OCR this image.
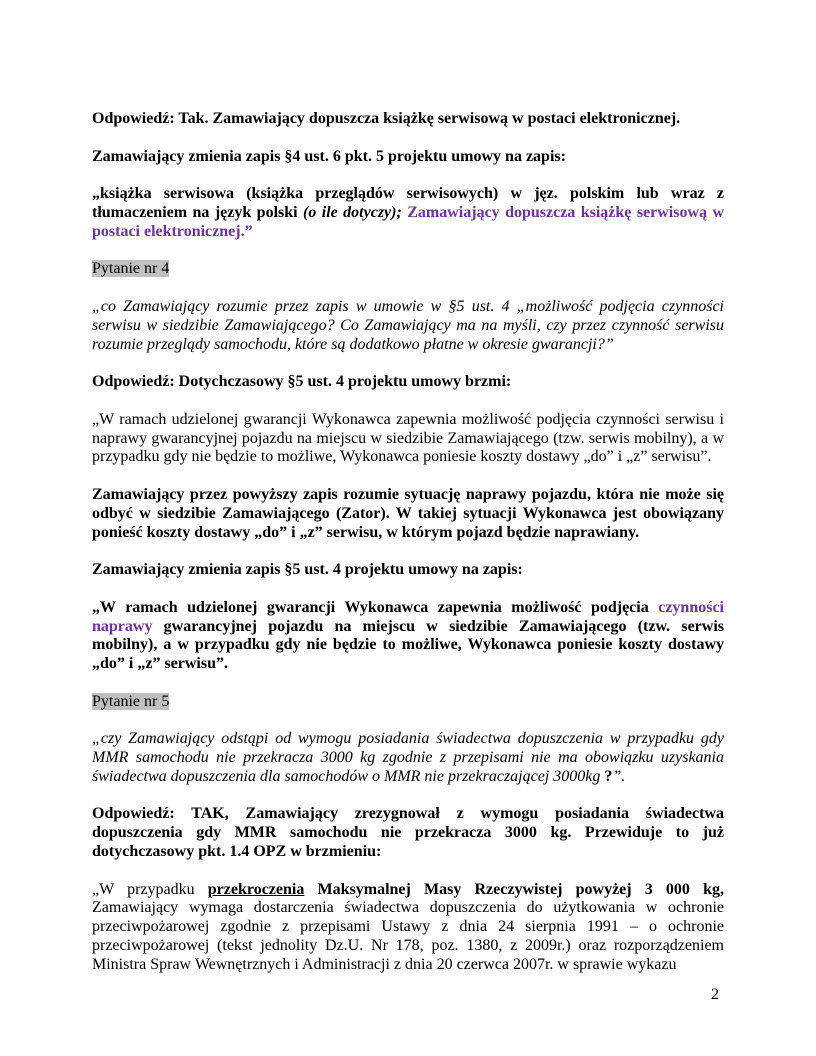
Odpowiedź: Tak. Zamawiający dopuszcza książkę serwisową w postaci elektronicznej.

Zamawiający zmienia zapis §4 ust. 6 pkt. 5 projektu umowy na zapis:

„książka serwisowa (książka przeglądów serwisowych) w jęz. polskim lub wraz z tłumaczeniem na język polski (o ile dotyczy); Zamawiający dopuszcza książkę serwisową w postaci elektronicznej.”

Pytanie nr 4

„co Zamawiający rozumie przez zapis w umowie w §5 ust. 4 „możliwość podjęcia czynności serwisu w siedzibie Zamawiającego? Co Zamawiający ma na myśli, czy przez czynność serwisu rozumie przeglądy samochodu, które są dodatkowo płatne w okresie gwarancji?”

Odpowiedź: Dotychczasowy §5 ust. 4 projektu umowy brzmi:

„W ramach udzielonej gwarancji Wykonawca zapewnia możliwość podjęcia czynności serwisu i naprawy gwarancyjnej pojazdu na miejscu w siedzibie Zamawiającego (tzw. serwis mobilny), a w przypadku gdy nie będzie to możliwe, Wykonawca poniesie koszty dostawy „do” i „z” serwisu”.

Zamawiający przez powyższy zapis rozumie sytuację naprawy pojazdu, która nie może się odbyć w siedzibie Zamawiającego (Zator). W takiej sytuacji Wykonawca jest obowiązany ponieść koszty dostawy „do” i „z” serwisu, w którym pojazd będzie naprawiany.

Zamawiający zmienia zapis §5 ust. 4 projektu umowy na zapis:

„W ramach udzielonej gwarancji Wykonawca zapewnia możliwość podjęcia czynności naprawy gwarancyjnej pojazdu na miejscu w siedzibie Zamawiającego (tzw. serwis mobilny), a w przypadku gdy nie będzie to możliwe, Wykonawca poniesie koszty dostawy „do” i „z” serwisu”.

Pytanie nr 5

„czy Zamawiający odstąpi od wymogu posiadania świadectwa dopuszczenia w przypadku gdy MMR samochodu nie przekracza 3000 kg zgodnie z przepisami nie ma obowiązku uzyskania świadectwa dopuszczenia dla samochodów o MMR nie przekraczającej 3000kg ?”.

Odpowiedź: TAK, Zamawiający zrezygnował z wymogu posiadania świadectwa dopuszczenia gdy MMR samochodu nie przekracza 3000 kg. Przewiduje to już dotychczasowy pkt. 1.4 OPZ w brzmieniu:

„W przypadku przekroczenia Maksymalnej Masy Rzeczywistej powyżej 3 000 kg, Zamawiający wymaga dostarczenia świadectwa dopuszczenia do użytkowania w ochronie przeciwpożarowej zgodnie z przepisami Ustawy z dnia 24 sierpnia 1991 – o ochronie przeciwpożarowej (tekst jednolity Dz.U. Nr 178, poz. 1380, z 2009r.) oraz rozporządzeniem Ministra Spraw Wewnętrznych i Administracji z dnia 20 czerwca 2007r. w sprawie wykazu

2
